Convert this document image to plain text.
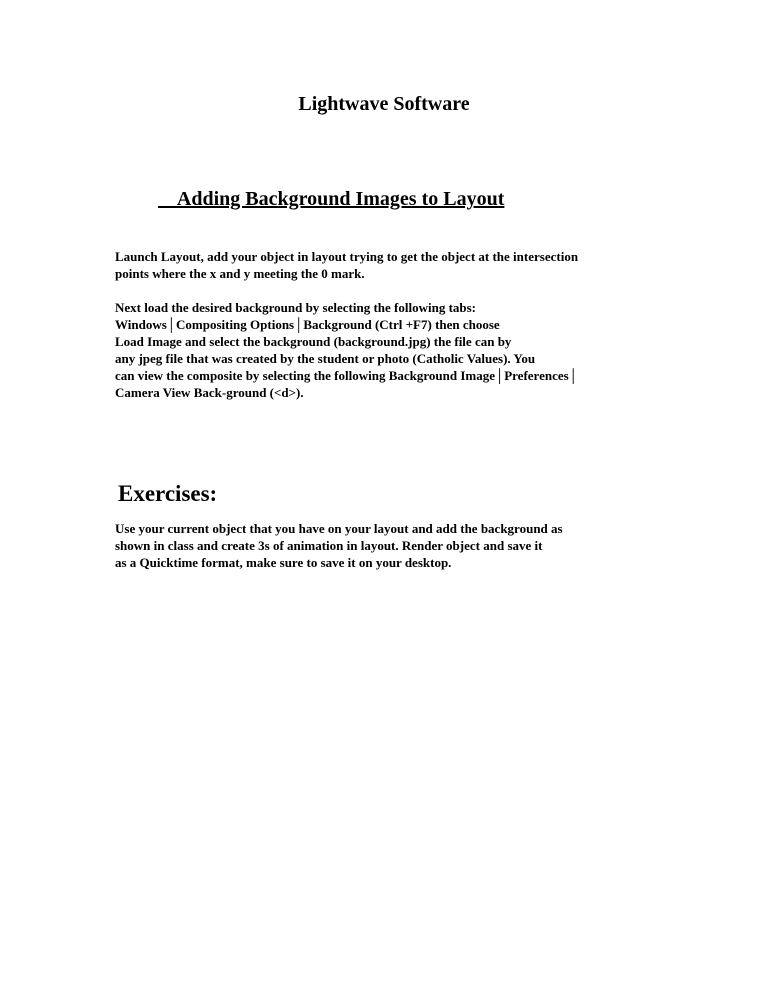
Lightwave Software
Adding Background Images to Layout

Launch Layout, add your object in layout trying to get the object at the intersection
points where the x and y meeting the 0 mark.

Next load the desired background by selecting the following tabs:
Windows│Compositing Options│Background (Ctrl +F7) then choose
Load Image and select the background (background.jpg) the file can by
any jpeg file that was created by the student or photo (Catholic Values). You
can view the composite by selecting the following Background Image│Preferences│
Camera View Back-ground (<d>).

Exercises:

Use your current object that you have on your layout and add the background as
shown in class and create 3s of animation in layout. Render object and save it
as a Quicktime format, make sure to save it on your desktop.
